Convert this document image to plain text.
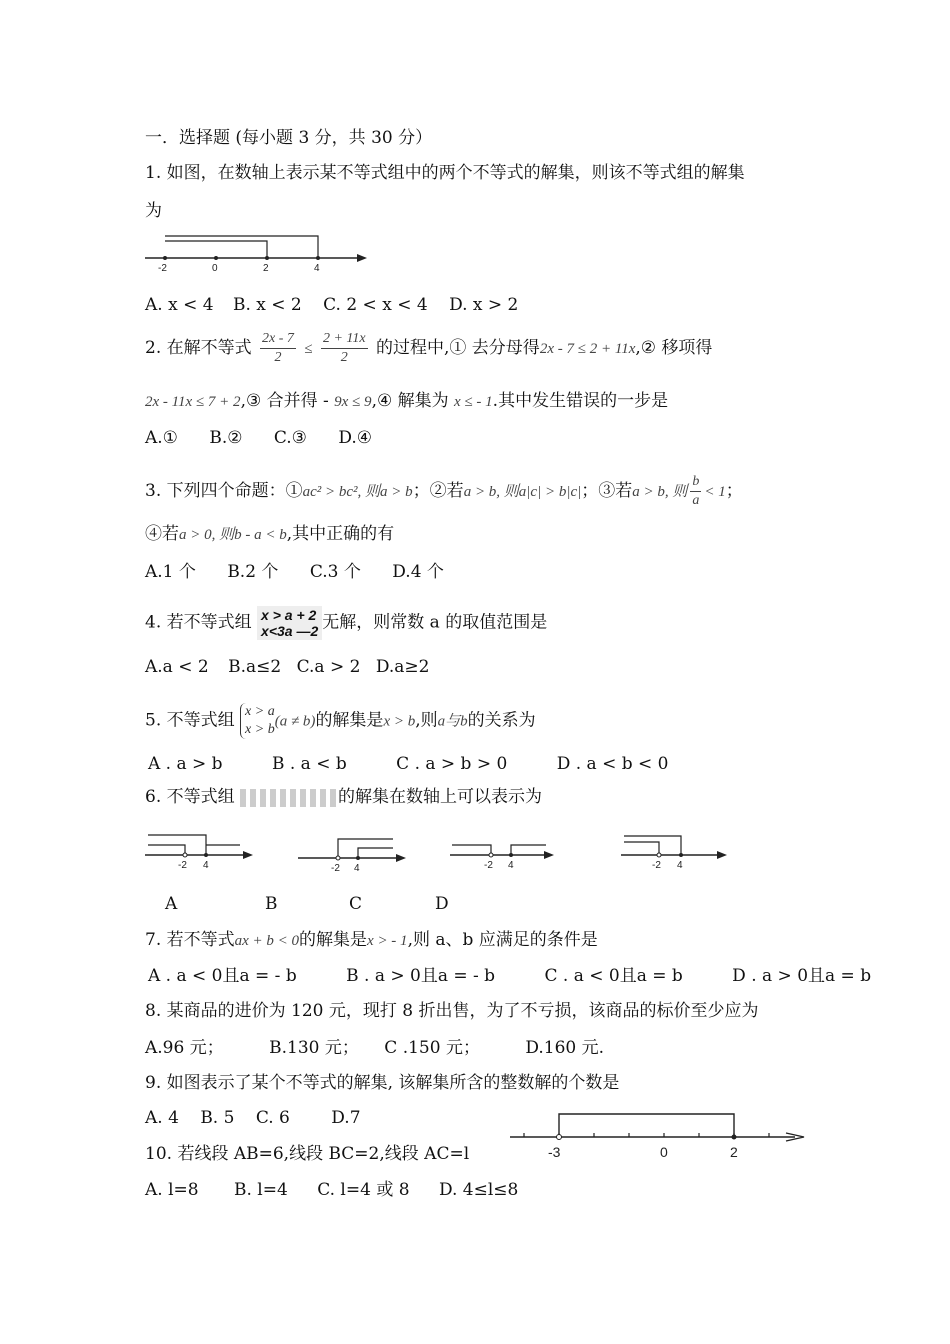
一．选择题 (每小题 3 分，共 30 分）
1. 如图，在数轴上表示某不等式组中的两个不等式的解集，则该不等式组的解集
为
-2	0	2	4
A. x < 4 B. x < 2 C. 2 < x < 4 D. x > 2
2. 在解不等式 $\frac{2x - 7}{2} \le \frac{2 + 11x}{2}$ 的过程中,① 去分母得2x - 7 ≤ 2 + 11x,② 移项得
2x - 11x ≤ 7 + 2,③ 合并得 - 9x ≤ 9,④ 解集为 x ≤ - 1.其中发生错误的一步是
A.① B.② C.③ D.④
3. 下列四个命题：①ac² > bc², 则a > b；②若a > b, 则a|c| > b|c|；③若a > b, 则 $\frac{b}{a} < 1$；
④若a > 0, 则b - a < b,其中正确的有
A.1 个 B.2 个 C.3 个 D.4 个
4. 若不等式组 x > a + 2
x<3a —2 无解，则常数 a 的取值范围是
A.a < 2 B.a≤2 C.a > 2 D.a≥2
5. 不等式组 x > a
x > b (a ≠ b)的解集是x > b,则a与b的关系为
A . a > b	B . a < b	C . a > b > 0	D . a < b < 0
6. 不等式组	的解集在数轴上可以表示为
-2 4	-2 4	-2 4	-2 4
A	B	C	D
7. 若不等式ax + b < 0的解集是x > - 1,则 a、b 应满足的条件是
A . a < 0且a = - b	B . a > 0且a = - b	C . a < 0且a = b	D . a > 0且a = b
8. 某商品的进价为 120 元，现打 8 折出售，为了不亏损，该商品的标价至少应为
A.96 元；	B.130 元； C .150 元；	D.160 元.
9. 如图表示了某个不等式的解集, 该解集所含的整数解的个数是
A. 4 B. 5 C. 6 D.7
-3	0	2
10. 若线段 AB=6,线段 BC=2,线段 AC=l
A. l=8 B. l=4 C. l=4 或 8 D. 4≤l≤8
